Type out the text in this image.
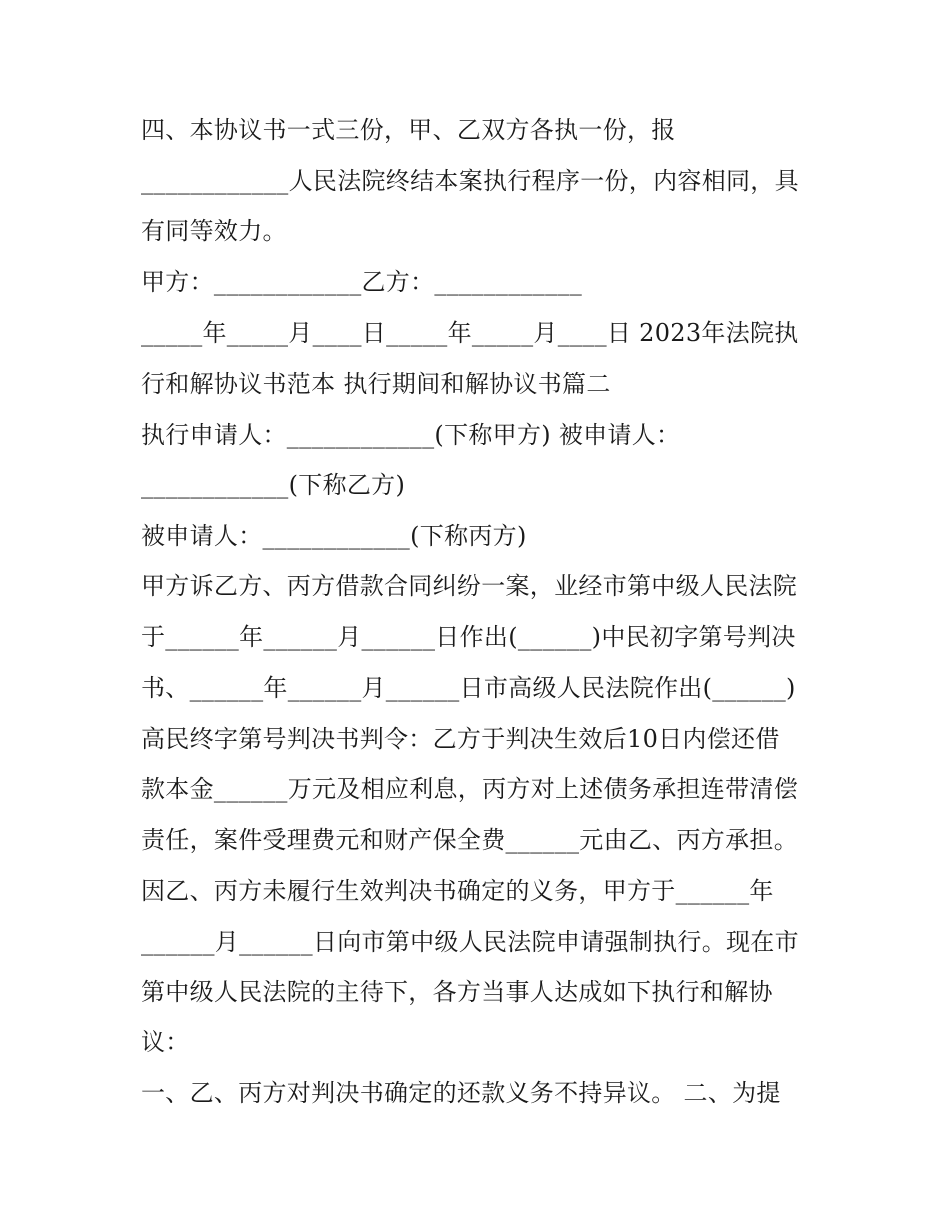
四、本协议书一式三份，甲、乙双方各执一份，报
____________人民法院终结本案执行程序一份，内容相同，具
有同等效力。
甲方：____________乙方：____________
_____年_____月____日_____年_____月____日 2023年法院执
行和解协议书范本 执行期间和解协议书篇二
执行申请人：____________(下称甲方) 被申请人：
____________(下称乙方)
被申请人：____________(下称丙方)
甲方诉乙方、丙方借款合同纠纷一案，业经市第中级人民法院
于______年______月______日作出(______)中民初字第号判决
书、______年______月______日市高级人民法院作出(______)
高民终字第号判决书判令：乙方于判决生效后10日内偿还借
款本金______万元及相应利息，丙方对上述债务承担连带清偿
责任，案件受理费元和财产保全费______元由乙、丙方承担。
因乙、丙方未履行生效判决书确定的义务，甲方于______年
______月______日向市第中级人民法院申请强制执行。现在市
第中级人民法院的主待下，各方当事人达成如下执行和解协
议：
一、乙、丙方对判决书确定的还款义务不持异议。 二、为提
